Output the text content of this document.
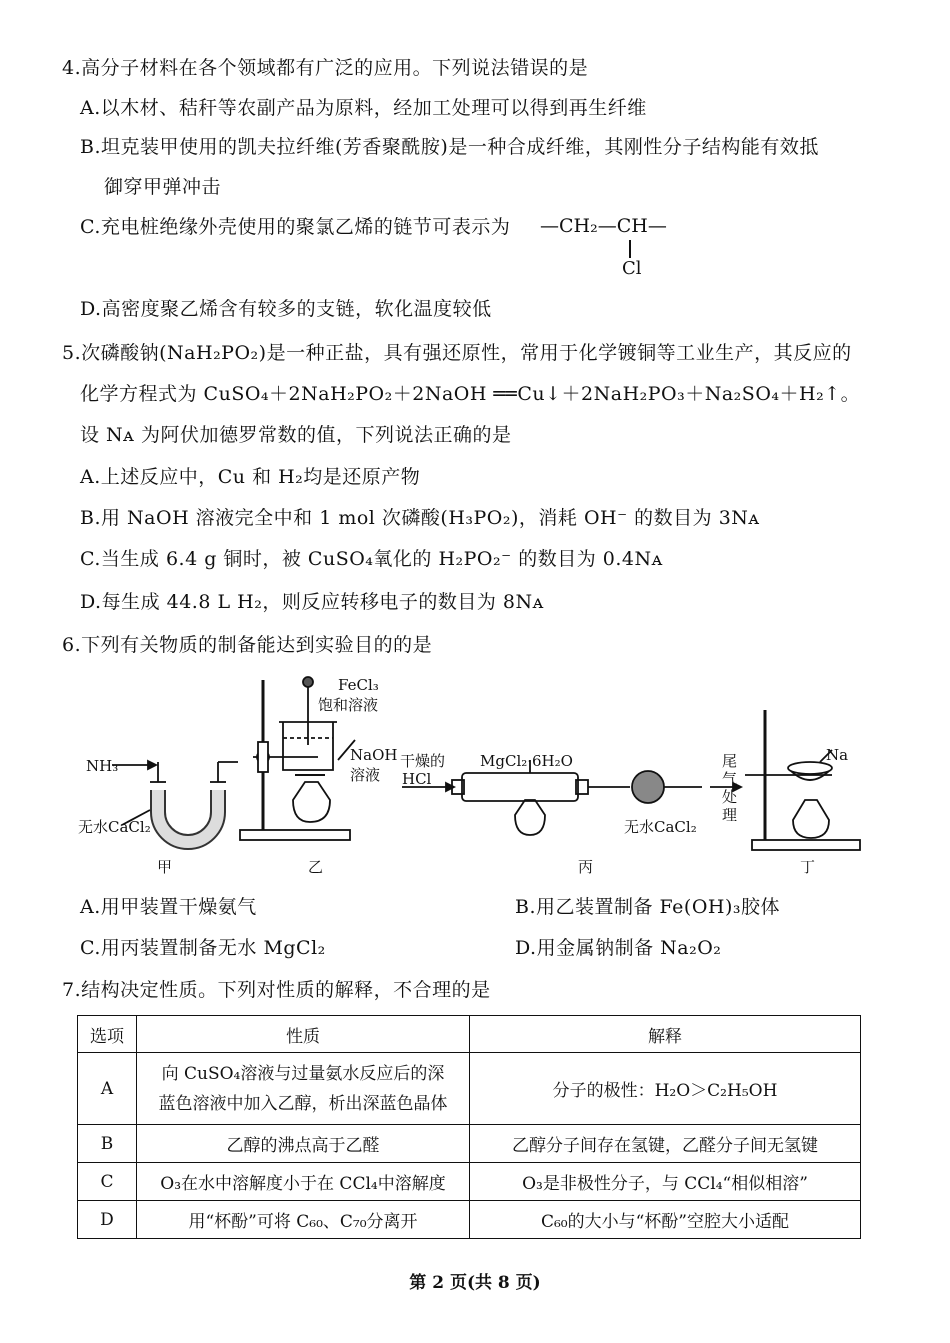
4.高分子材料在各个领域都有广泛的应用。下列说法错误的是
A.以木材、秸秆等农副产品为原料，经加工处理可以得到再生纤维
B.坦克装甲使用的凯夫拉纤维(芳香聚酰胺)是一种合成纤维，其刚性分子结构能有效抵
御穿甲弹冲击
C.充电桩绝缘外壳使用的聚氯乙烯的链节可表示为 —CH₂—CH—
Cl
D.高密度聚乙烯含有较多的支链，软化温度较低
5.次磷酸钠(NaH₂PO₂)是一种正盐，具有强还原性，常用于化学镀铜等工业生产，其反应的
化学方程式为 CuSO₄＋2NaH₂PO₂＋2NaOH ══Cu↓＋2NaH₂PO₃＋Na₂SO₄＋H₂↑。
设 Nᴀ 为阿伏加德罗常数的值，下列说法正确的是
A.上述反应中，Cu 和 H₂均是还原产物
B.用 NaOH 溶液完全中和 1 mol 次磷酸(H₃PO₂)，消耗 OH⁻ 的数目为 3Nᴀ
C.当生成 6.4 g 铜时，被 CuSO₄氧化的 H₂PO₂⁻ 的数目为 0.4Nᴀ
D.每生成 44.8 L H₂，则反应转移电子的数目为 8Nᴀ
6.下列有关物质的制备能达到实验目的的是
NH₃
无水CaCl₂
甲
FeCl₃
饱和溶液
NaOH
溶液
乙
干燥的
HCl
MgCl₂·6H₂O
无水CaCl₂
丙
尾气处理
Na
丁
A.用甲装置干燥氨气	B.用乙装置制备 Fe(OH)₃胶体
C.用丙装置制备无水 MgCl₂	D.用金属钠制备 Na₂O₂
7.结构决定性质。下列对性质的解释，不合理的是
选项	性质	解释
A	向 CuSO₄溶液与过量氨水反应后的深
蓝色溶液中加入乙醇，析出深蓝色晶体	分子的极性：H₂O＞C₂H₅OH
B	乙醇的沸点高于乙醛	乙醇分子间存在氢键，乙醛分子间无氢键
C	O₃在水中溶解度小于在 CCl₄中溶解度	O₃是非极性分子，与 CCl₄“相似相溶”
D	用“杯酚”可将 C₆₀、C₇₀分离开	C₆₀的大小与“杯酚”空腔大小适配
第 2 页(共 8 页)
